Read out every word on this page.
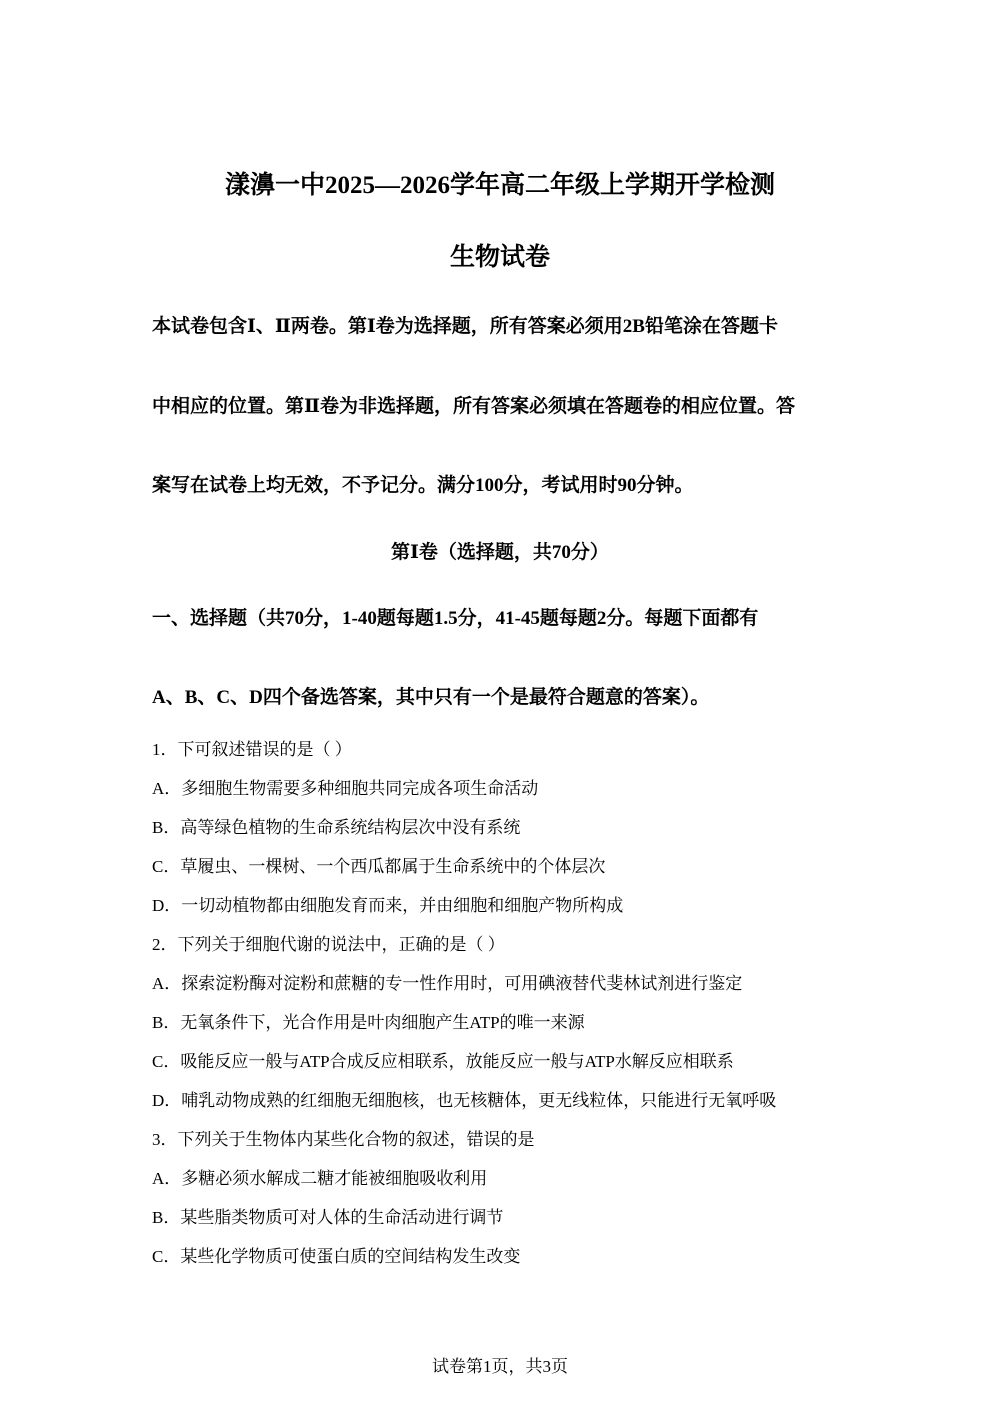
漾濞一中2025—2026学年高二年级上学期开学检测
生物试卷
本试卷包含Ⅰ、Ⅱ两卷。第Ⅰ卷为选择题，所有答案必须用2B铅笔涂在答题卡
中相应的位置。第Ⅱ卷为非选择题，所有答案必须填在答题卷的相应位置。答
案写在试卷上均无效，不予记分。满分100分，考试用时90分钟。
第Ⅰ卷（选择题，共70分）
一、选择题（共70分，1-40题每题1.5分，41-45题每题2分。每题下面都有
A、B、C、D四个备选答案，其中只有一个是最符合题意的答案）。
1．下可叙述错误的是（ ）
A．多细胞生物需要多种细胞共同完成各项生命活动
B．高等绿色植物的生命系统结构层次中没有系统
C．草履虫、一棵树、一个西瓜都属于生命系统中的个体层次
D．一切动植物都由细胞发育而来，并由细胞和细胞产物所构成
2．下列关于细胞代谢的说法中，正确的是（ ）
A．探索淀粉酶对淀粉和蔗糖的专一性作用时，可用碘液替代斐林试剂进行鉴定
B．无氧条件下，光合作用是叶肉细胞产生ATP的唯一来源
C．吸能反应一般与ATP合成反应相联系，放能反应一般与ATP水解反应相联系
D．哺乳动物成熟的红细胞无细胞核，也无核糖体，更无线粒体，只能进行无氧呼吸
3．下列关于生物体内某些化合物的叙述，错误的是
A．多糖必须水解成二糖才能被细胞吸收利用
B．某些脂类物质可对人体的生命活动进行调节
C．某些化学物质可使蛋白质的空间结构发生改变
试卷第1页，共3页
